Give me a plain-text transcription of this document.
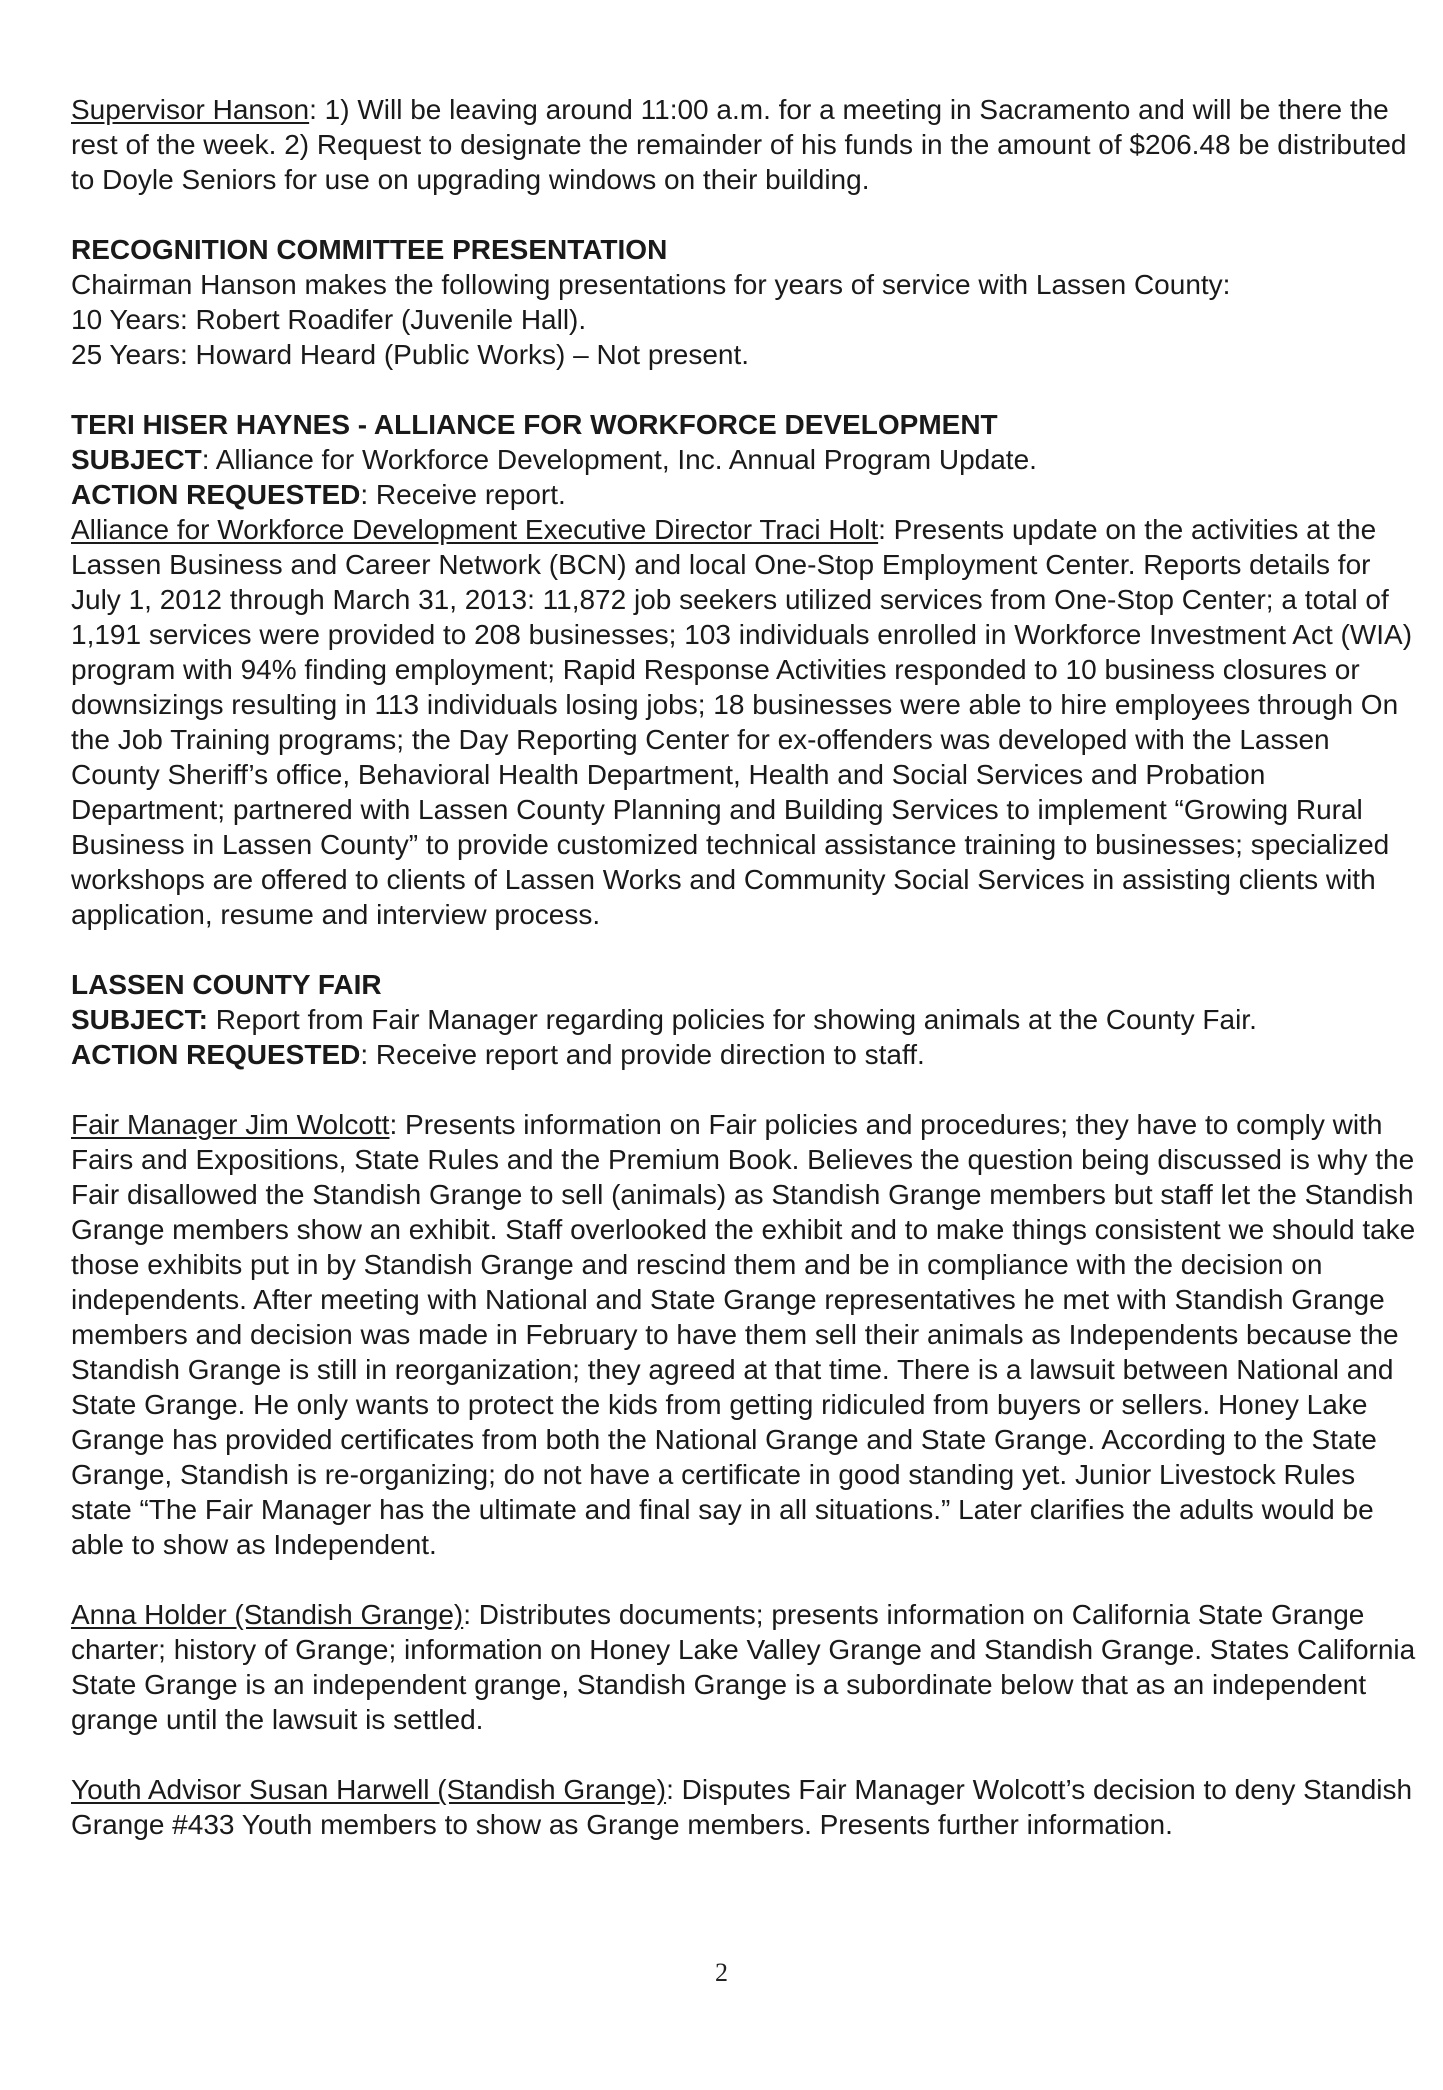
Supervisor Hanson: 1) Will be leaving around 11:00 a.m. for a meeting in Sacramento and will be there the rest of the week. 2) Request to designate the remainder of his funds in the amount of $206.48 be distributed to Doyle Seniors for use on upgrading windows on their building.

RECOGNITION COMMITTEE PRESENTATION

Chairman Hanson makes the following presentations for years of service with Lassen County:

10 Years: Robert Roadifer (Juvenile Hall).

25 Years: Howard Heard (Public Works) – Not present.

TERI HISER HAYNES - ALLIANCE FOR WORKFORCE DEVELOPMENT

SUBJECT: Alliance for Workforce Development, Inc. Annual Program Update.

ACTION REQUESTED: Receive report.

Alliance for Workforce Development Executive Director Traci Holt: Presents update on the activities at the Lassen Business and Career Network (BCN) and local One-Stop Employment Center. Reports details for July 1, 2012 through March 31, 2013: 11,872 job seekers utilized services from One-Stop Center; a total of 1,191 services were provided to 208 businesses; 103 individuals enrolled in Workforce Investment Act (WIA) program with 94% finding employment; Rapid Response Activities responded to 10 business closures or downsizings resulting in 113 individuals losing jobs; 18 businesses were able to hire employees through On the Job Training programs; the Day Reporting Center for ex-offenders was developed with the Lassen County Sheriff’s office, Behavioral Health Department, Health and Social Services and Probation Department; partnered with Lassen County Planning and Building Services to implement “Growing Rural Business in Lassen County” to provide customized technical assistance training to businesses; specialized workshops are offered to clients of Lassen Works and Community Social Services in assisting clients with application, resume and interview process.

LASSEN COUNTY FAIR

SUBJECT: Report from Fair Manager regarding policies for showing animals at the County Fair.

ACTION REQUESTED: Receive report and provide direction to staff.

Fair Manager Jim Wolcott: Presents information on Fair policies and procedures; they have to comply with Fairs and Expositions, State Rules and the Premium Book. Believes the question being discussed is why the Fair disallowed the Standish Grange to sell (animals) as Standish Grange members but staff let the Standish Grange members show an exhibit. Staff overlooked the exhibit and to make things consistent we should take those exhibits put in by Standish Grange and rescind them and be in compliance with the decision on independents. After meeting with National and State Grange representatives he met with Standish Grange members and decision was made in February to have them sell their animals as Independents because the Standish Grange is still in reorganization; they agreed at that time. There is a lawsuit between National and State Grange. He only wants to protect the kids from getting ridiculed from buyers or sellers. Honey Lake Grange has provided certificates from both the National Grange and State Grange. According to the State Grange, Standish is re-organizing; do not have a certificate in good standing yet. Junior Livestock Rules state “The Fair Manager has the ultimate and final say in all situations.” Later clarifies the adults would be able to show as Independent.

Anna Holder (Standish Grange): Distributes documents; presents information on California State Grange charter; history of Grange; information on Honey Lake Valley Grange and Standish Grange. States California State Grange is an independent grange, Standish Grange is a subordinate below that as an independent grange until the lawsuit is settled.

Youth Advisor Susan Harwell (Standish Grange): Disputes Fair Manager Wolcott’s decision to deny Standish Grange #433 Youth members to show as Grange members. Presents further information.

2
